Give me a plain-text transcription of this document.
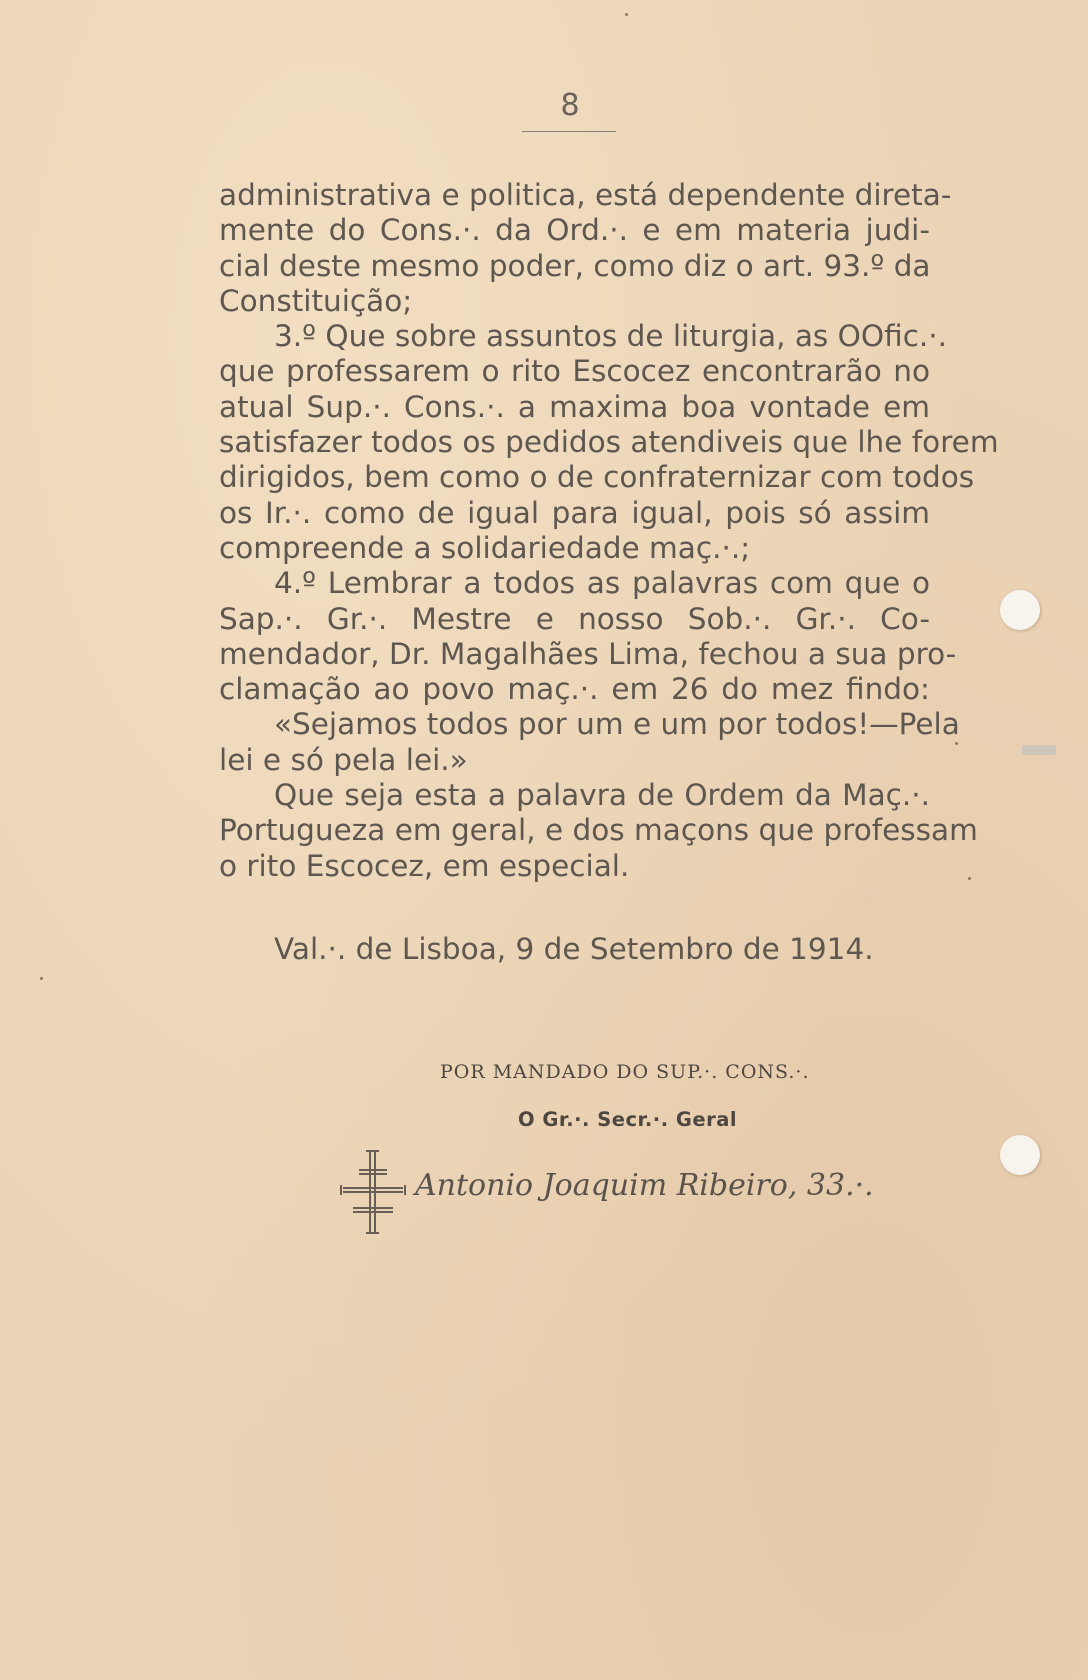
8
administrativa e politica, está dependente direta-
mente do Cons.·. da Ord.·. e em materia judi-
cial deste mesmo poder, como diz o art. 93.º da
Constituição;
3.º Que sobre assuntos de liturgia, as OOfic.·.
que professarem o rito Escocez encontrarão no
atual Sup.·. Cons.·. a maxima boa vontade em
satisfazer todos os pedidos atendiveis que lhe forem
dirigidos, bem como o de confraternizar com todos
os Ir.·. como de igual para igual, pois só assim
compreende a solidariedade maç.·.;
4.º Lembrar a todos as palavras com que o
Sap.·. Gr.·. Mestre e nosso Sob.·. Gr.·. Co-
mendador, Dr. Magalhães Lima, fechou a sua pro-
clamação ao povo maç.·. em 26 do mez findo:
«Sejamos todos por um e um por todos!—Pela
lei e só pela lei.»
Que seja esta a palavra de Ordem da Maç.·.
Portugueza em geral, e dos maçons que professam
o rito Escocez, em especial.
Val.·. de Lisboa, 9 de Setembro de 1914.
POR MANDADO DO SUP.·. CONS.·.
O Gr.·. Secr.·. Geral
Antonio Joaquim Ribeiro, 33.·.
